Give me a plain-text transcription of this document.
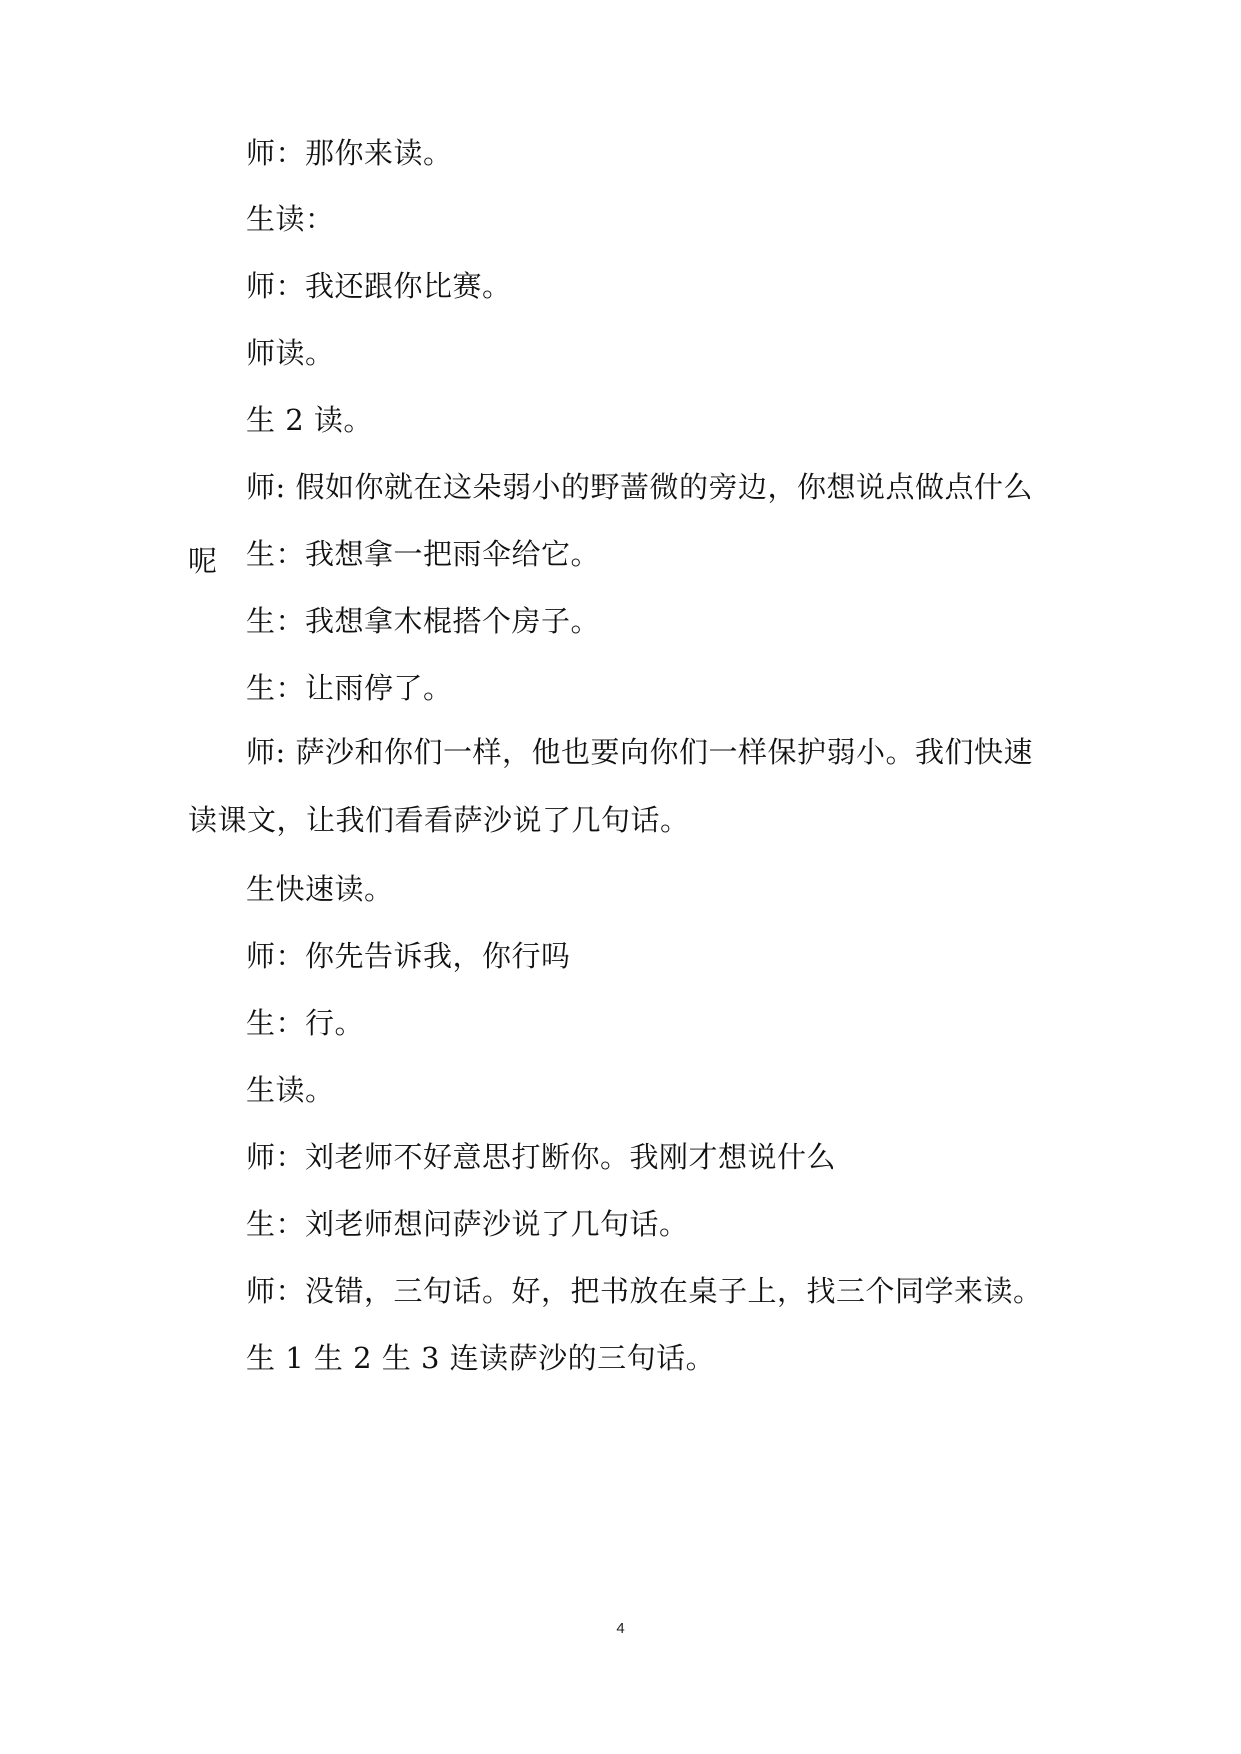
师：那你来读。

生读：

师：我还跟你比赛。

师读。

生 2 读。

师: 假如你就在这朵弱小的野蔷微的旁边，你想说点做点什么呢 生：我想拿一把雨伞给它。

生：我想拿木棍搭个房子。

生：让雨停了。

师: 萨沙和你们一样，他也要向你们一样保护弱小。我们快速读课文，让我们看看萨沙说了几句话。

生快速读。

师：你先告诉我，你行吗

生：行。

生读。

师：刘老师不好意思打断你。我刚才想说什么

生：刘老师想问萨沙说了几句话。

师：没错，三句话。好，把书放在桌子上，找三个同学来读。

生 1 生 2 生 3 连读萨沙的三句话。

4
